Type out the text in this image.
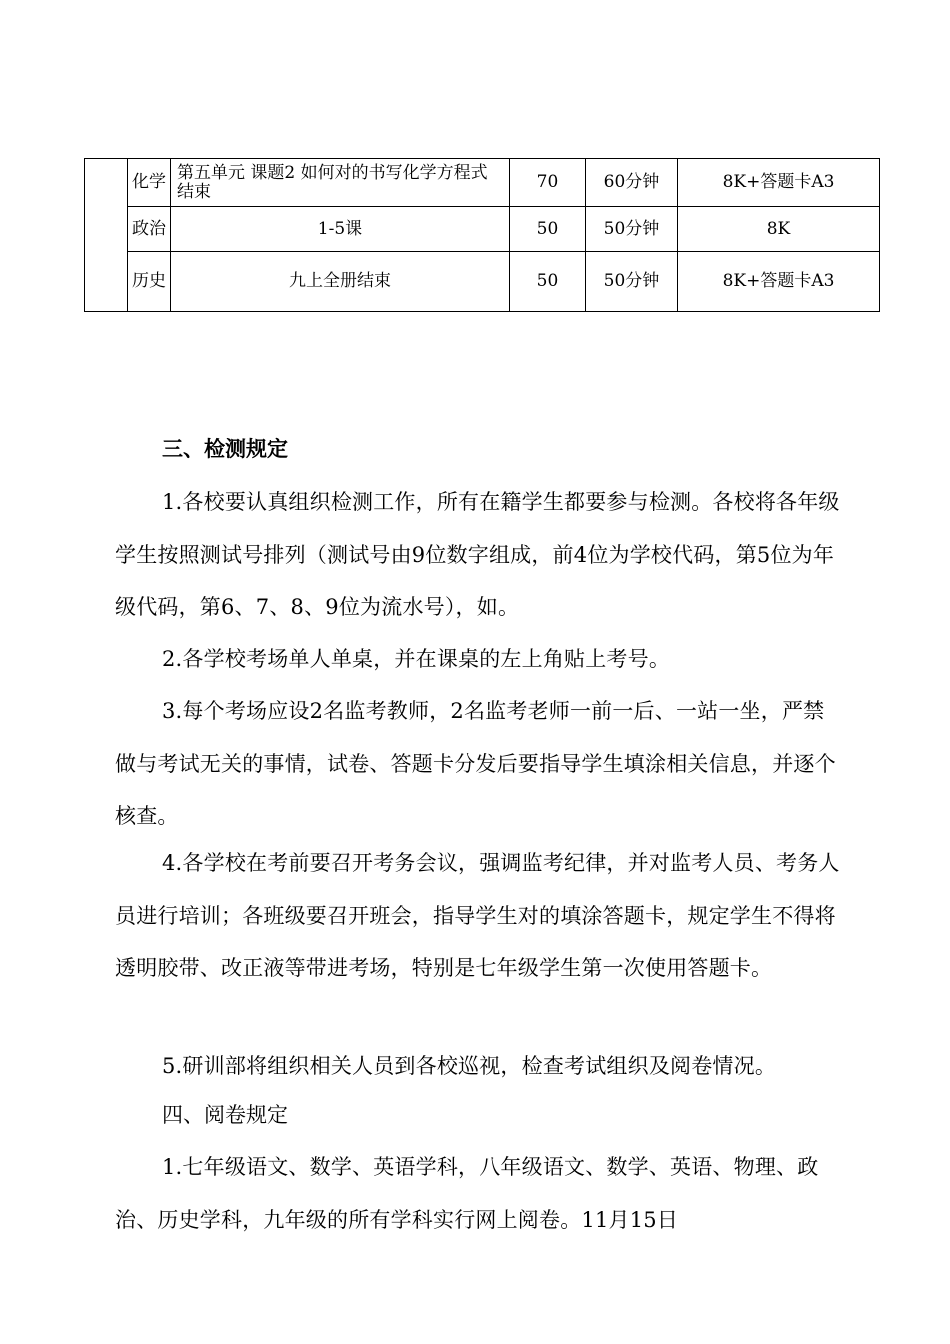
	化学	第五单元 课题2 如何对的书写化学方程式 结束	70	60分钟	8K+答题卡A3
	政治	1-5课	50	50分钟	8K
	历史	九上全册结束	50	50分钟	8K+答题卡A3
三、检测规定

1.各校要认真组织检测工作，所有在籍学生都要参与检测。各校将各年级学生按照测试号排列（测试号由9位数字组成，前4位为学校代码，第5位为年级代码，第6、7、8、9位为流水号），如。

2.各学校考场单人单桌，并在课桌的左上角贴上考号。

3.每个考场应设2名监考教师，2名监考老师一前一后、一站一坐，严禁做与考试无关的事情，试卷、答题卡分发后要指导学生填涂相关信息，并逐个核查。

4.各学校在考前要召开考务会议，强调监考纪律，并对监考人员、考务人员进行培训；各班级要召开班会，指导学生对的填涂答题卡，规定学生不得将透明胶带、改正液等带进考场，特别是七年级学生第一次使用答题卡。

5.研训部将组织相关人员到各校巡视，检查考试组织及阅卷情况。

四、阅卷规定

1.七年级语文、数学、英语学科，八年级语文、数学、英语、物理、政治、历史学科，九年级的所有学科实行网上阅卷。11月15日
